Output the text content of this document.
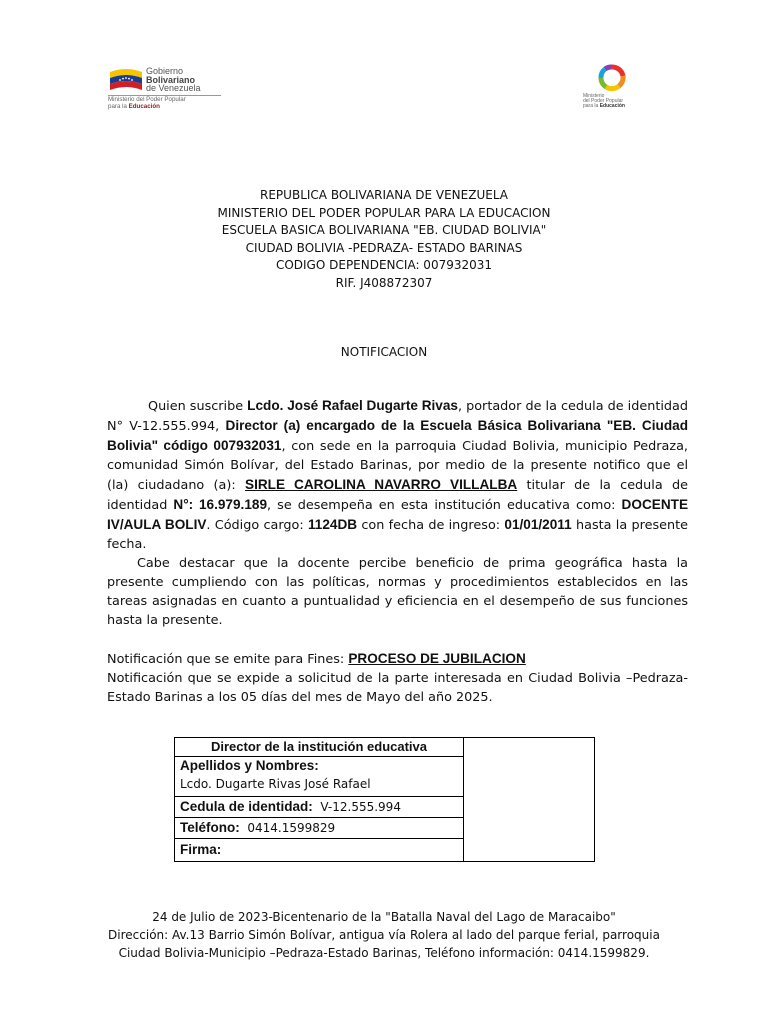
Gobierno
Bolivariano
de Venezuela
Ministerio del Poder Popular
para la Educación
Ministerio
del Poder Popular
para la Educación
REPUBLICA BOLIVARIANA DE VENEZUELA
MINISTERIO DEL PODER POPULAR PARA LA EDUCACION
ESCUELA BASICA BOLIVARIANA "EB. CIUDAD BOLIVIA"
CIUDAD BOLIVIA -PEDRAZA- ESTADO BARINAS
CODIGO DEPENDENCIA: 007932031
RIF. J408872307
NOTIFICACION

Quien suscribe Lcdo. José Rafael Dugarte Rivas, portador de la cedula de identidad N° V-12.555.994, Director (a) encargado de la Escuela Básica Bolivariana "EB. Ciudad Bolivia" código 007932031, con sede en la parroquia Ciudad Bolivia, municipio Pedraza, comunidad Simón Bolívar, del Estado Barinas, por medio de la presente notifico que el (la) ciudadano (a): SIRLE CAROLINA NAVARRO VILLALBA titular de la cedula de identidad N°: 16.979.189, se desempeña en esta institución educativa como: DOCENTE IV/AULA BOLIV. Código cargo: 1124DB con fecha de ingreso: 01/01/2011 hasta la presente fecha.

Cabe destacar que la docente percibe beneficio de prima geográfica hasta la presente cumpliendo con las políticas, normas y procedimientos establecidos en las tareas asignadas en cuanto a puntualidad y eficiencia en el desempeño de sus funciones hasta la presente.

Notificación que se emite para Fines: PROCESO DE JUBILACION

Notificación que se expide a solicitud de la parte interesada en Ciudad Bolivia –Pedraza-Estado Barinas a los 05 días del mes de Mayo del año 2025.

Director de la institución educativa	

Apellidos y Nombres:
Lcdo. Dugarte Rivas José Rafael

Cedula de identidad: V-12.555.994
Teléfono: 0414.1599829
Firma:
24 de Julio de 2023-Bicentenario de la "Batalla Naval del Lago de Maracaibo"
Dirección: Av.13 Barrio Simón Bolívar, antigua vía Rolera al lado del parque ferial, parroquia
Ciudad Bolivia-Municipio –Pedraza-Estado Barinas, Teléfono información: 0414.1599829.
